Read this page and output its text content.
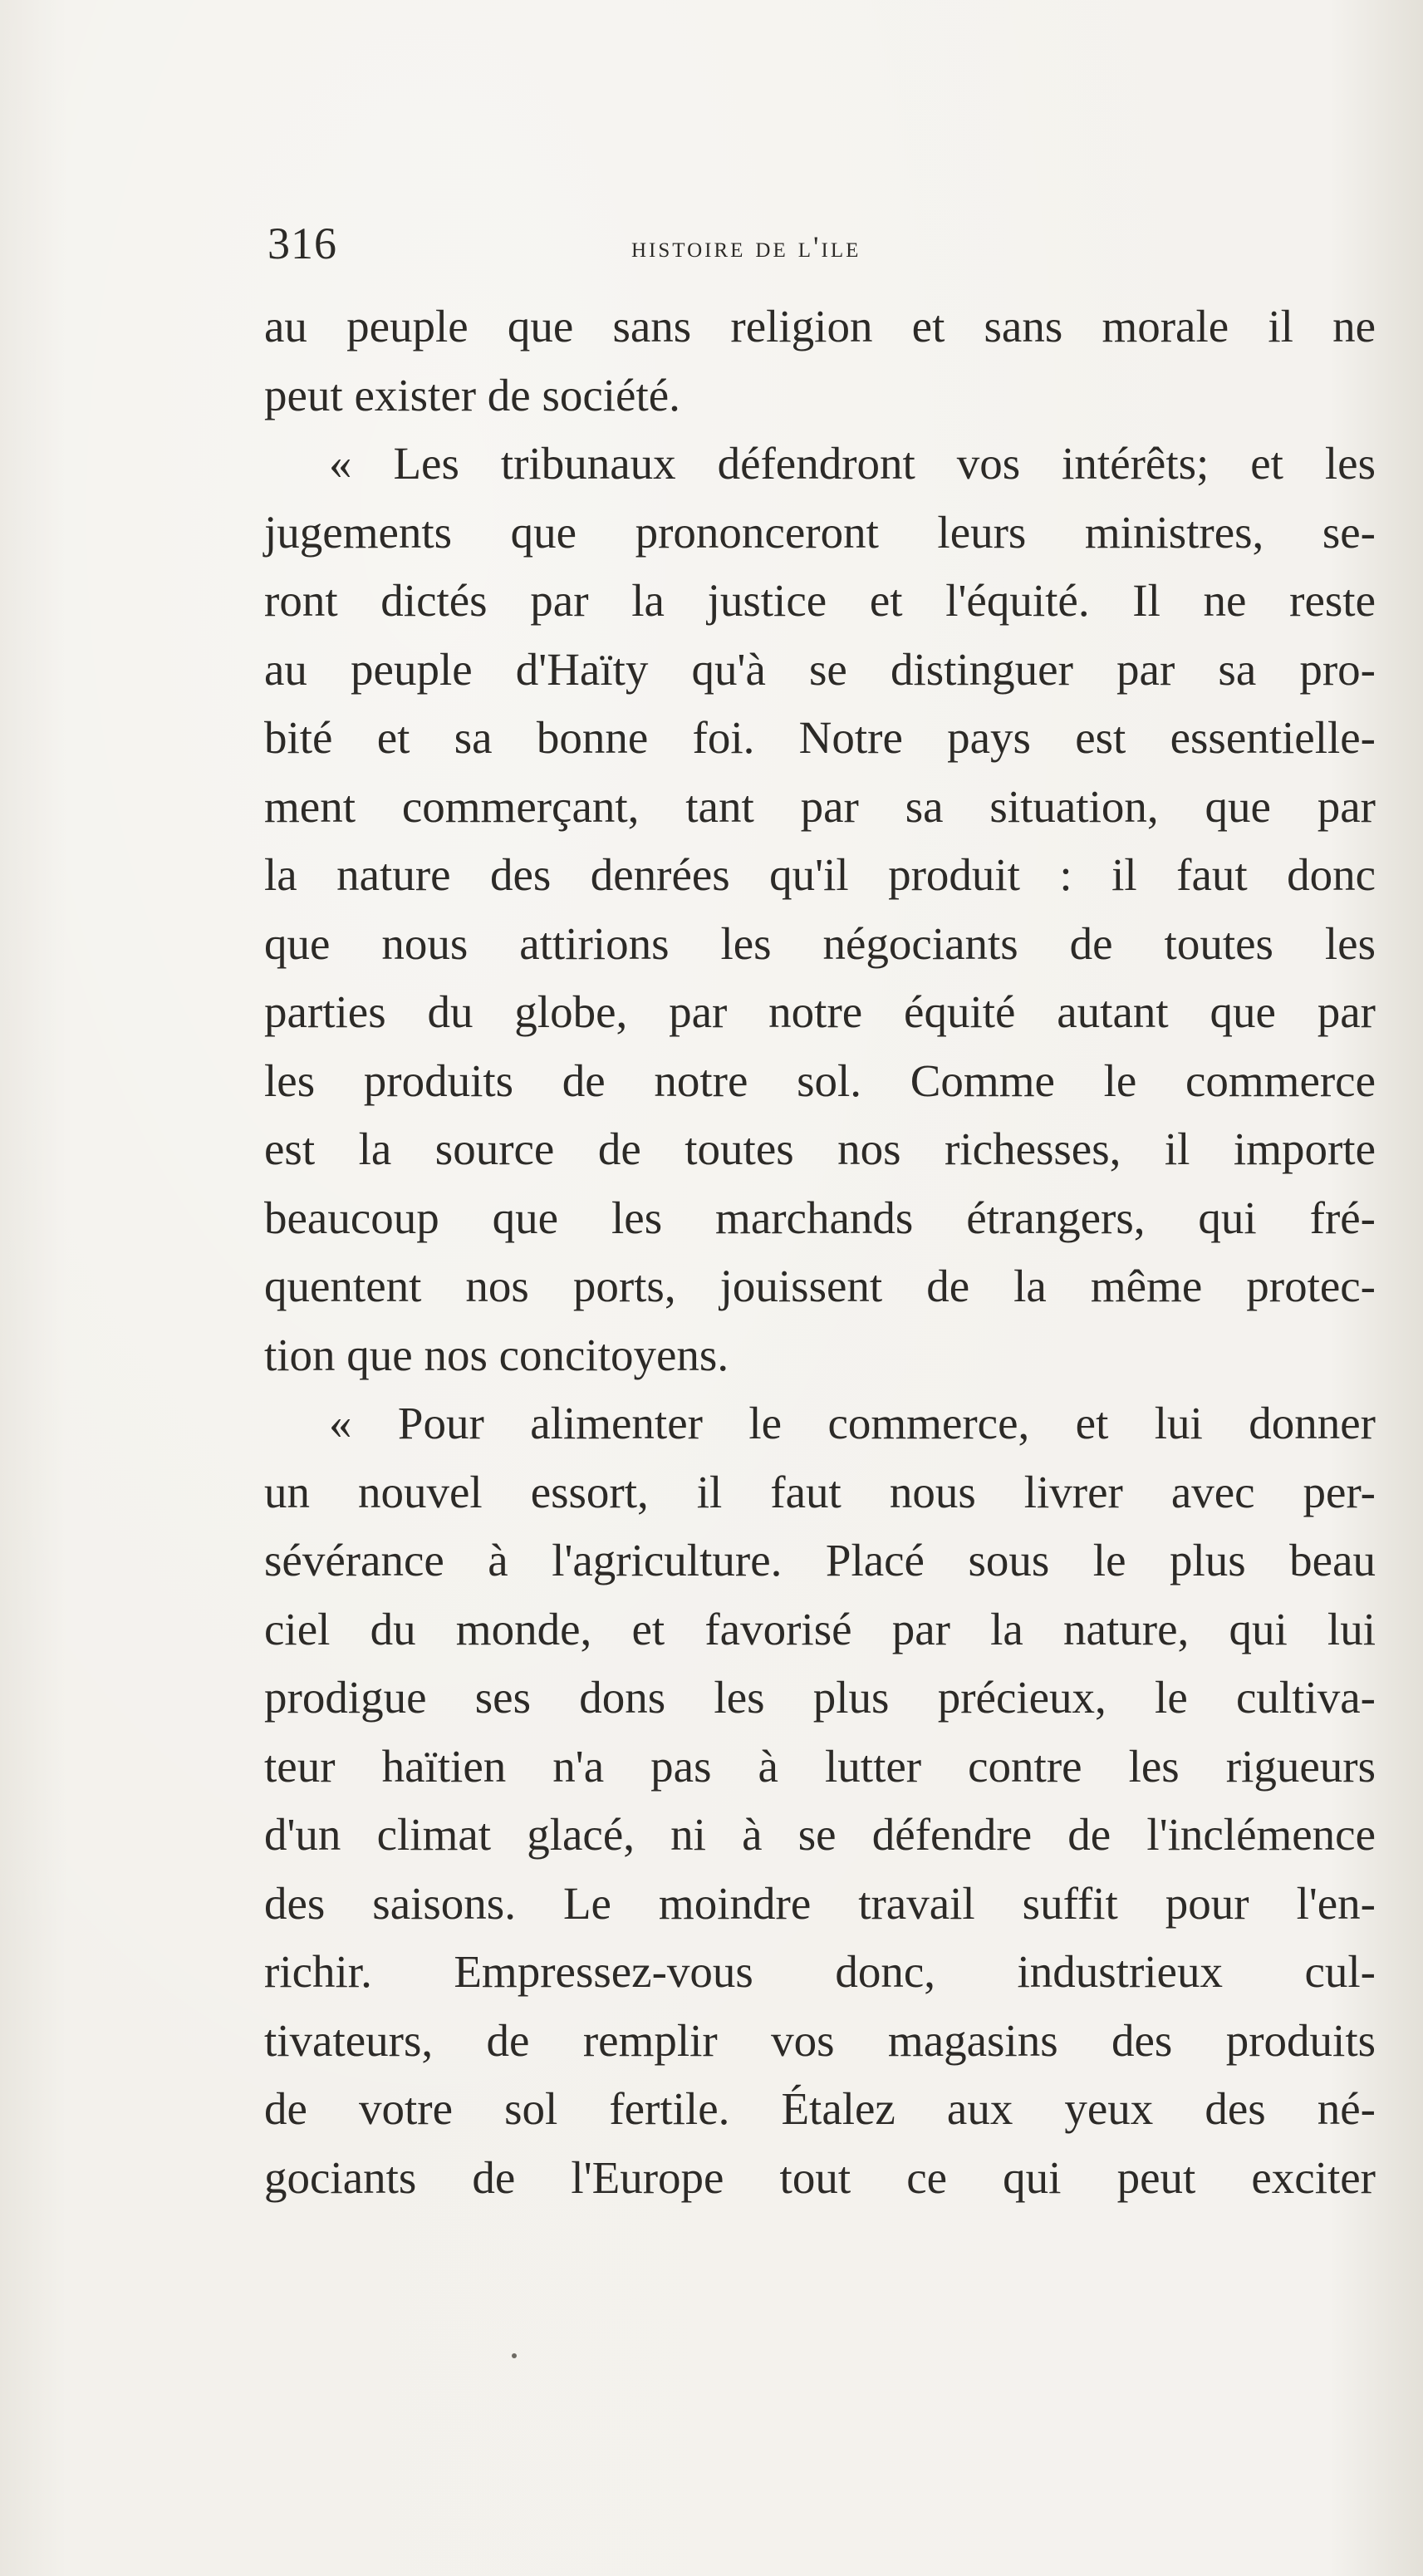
316	histoire de l'ile
au peuple que sans religion et sans morale il ne
peut exister de société.
« Les tribunaux défendront vos intérêts; et les
jugements que prononceront leurs ministres, se-
ront dictés par la justice et l'équité. Il ne reste
au peuple d'Haïty qu'à se distinguer par sa pro-
bité et sa bonne foi. Notre pays est essentielle-
ment commerçant, tant par sa situation, que par
la nature des denrées qu'il produit : il faut donc
que nous attirions les négociants de toutes les
parties du globe, par notre équité autant que par
les produits de notre sol. Comme le commerce
est la source de toutes nos richesses, il importe
beaucoup que les marchands étrangers, qui fré-
quentent nos ports, jouissent de la même protec-
tion que nos concitoyens.
« Pour alimenter le commerce, et lui donner
un nouvel essort, il faut nous livrer avec per-
sévérance à l'agriculture. Placé sous le plus beau
ciel du monde, et favorisé par la nature, qui lui
prodigue ses dons les plus précieux, le cultiva-
teur haïtien n'a pas à lutter contre les rigueurs
d'un climat glacé, ni à se défendre de l'inclémence
des saisons. Le moindre travail suffit pour l'en-
richir. Empressez-vous donc, industrieux cul-
tivateurs, de remplir vos magasins des produits
de votre sol fertile. Étalez aux yeux des né-
gociants de l'Europe tout ce qui peut exciter
